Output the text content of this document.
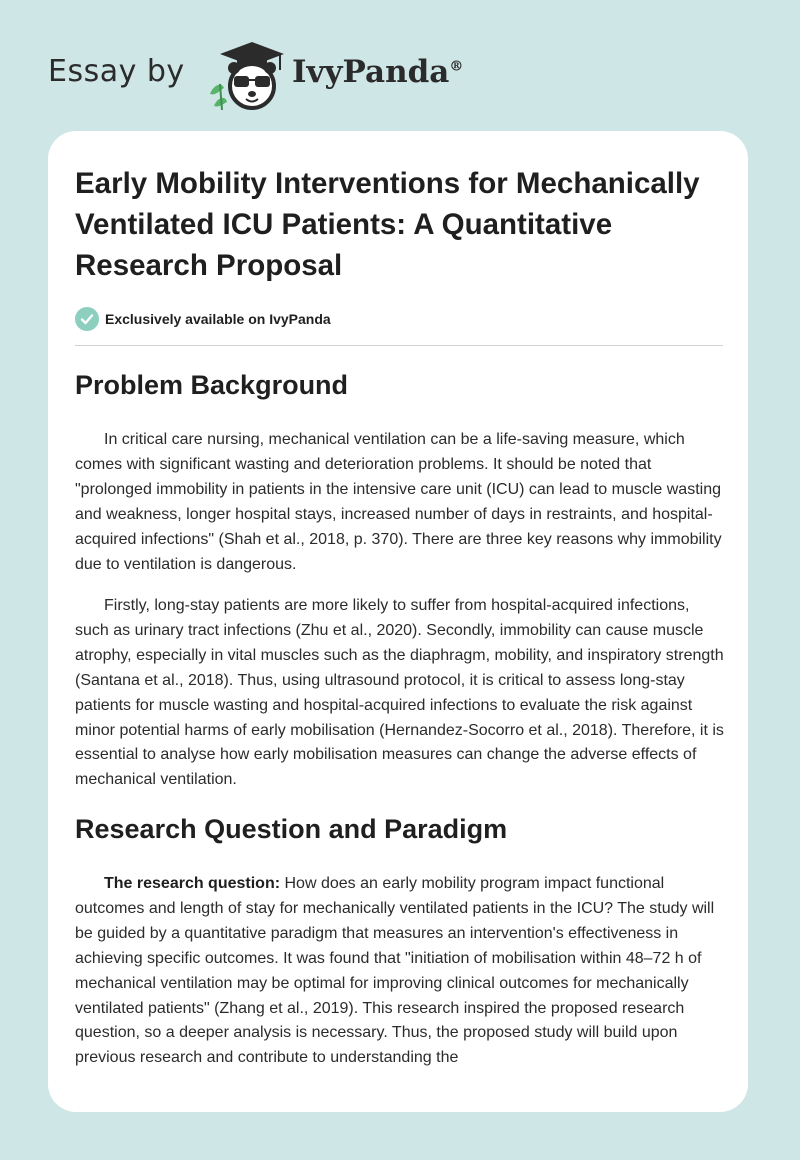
Essay by	IvyPanda®
Early Mobility Interventions for Mechanically Ventilated ICU Patients: A Quantitative Research Proposal
Exclusively available on IvyPanda
Problem Background

In critical care nursing, mechanical ventilation can be a life-saving measure, which comes with significant wasting and deterioration problems. It should be noted that "prolonged immobility in patients in the intensive care unit (ICU) can lead to muscle wasting and weakness, longer hospital stays, increased number of days in restraints, and hospital-acquired infections" (Shah et al., 2018, p. 370). There are three key reasons why immobility due to ventilation is dangerous.

Firstly, long-stay patients are more likely to suffer from hospital-acquired infections, such as urinary tract infections (Zhu et al., 2020). Secondly, immobility can cause muscle atrophy, especially in vital muscles such as the diaphragm, mobility, and inspiratory strength (Santana et al., 2018). Thus, using ultrasound protocol, it is critical to assess long-stay patients for muscle wasting and hospital-acquired infections to evaluate the risk against minor potential harms of early mobilisation (Hernandez-Socorro et al., 2018). Therefore, it is essential to analyse how early mobilisation measures can change the adverse effects of mechanical ventilation.

Research Question and Paradigm

The research question: How does an early mobility program impact functional outcomes and length of stay for mechanically ventilated patients in the ICU? The study will be guided by a quantitative paradigm that measures an intervention's effectiveness in achieving specific outcomes. It was found that "initiation of mobilisation within 48–72 h of mechanical ventilation may be optimal for improving clinical outcomes for mechanically ventilated patients" (Zhang et al., 2019). This research inspired the proposed research question, so a deeper analysis is necessary. Thus, the proposed study will build upon previous research and contribute to understanding the
